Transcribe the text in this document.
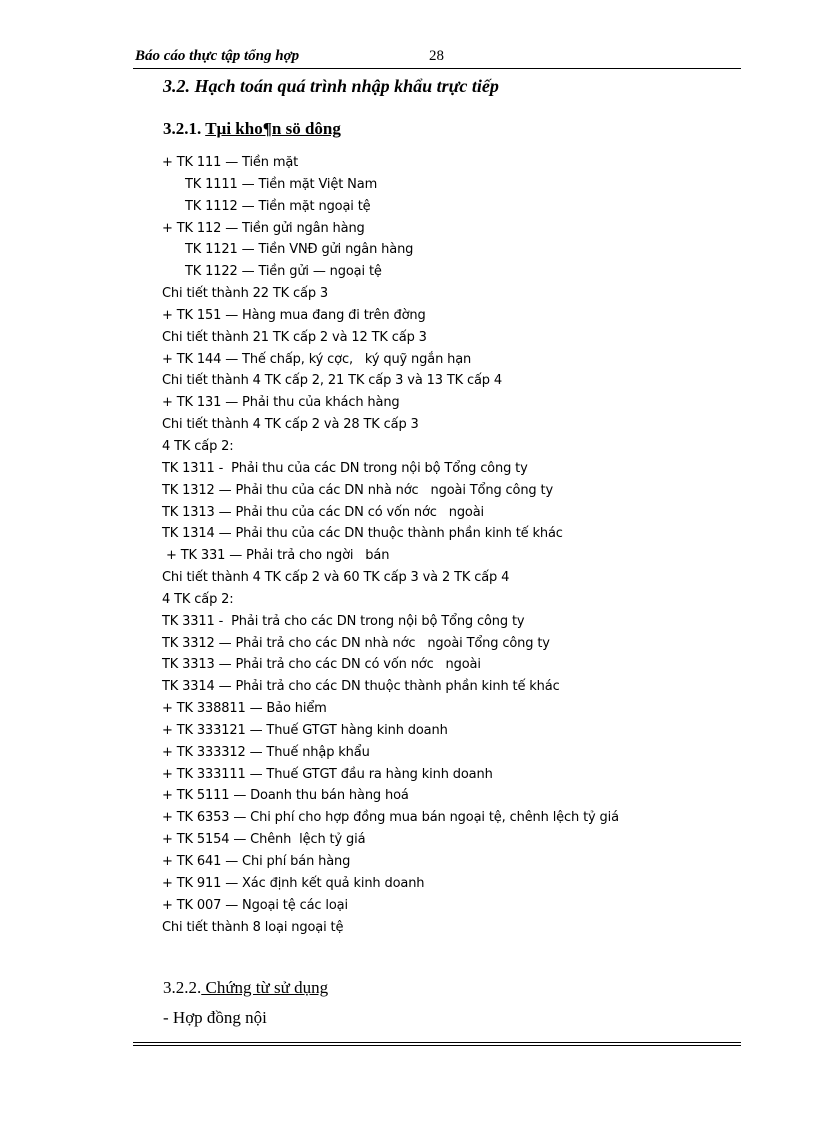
Báo cáo thực tập tổng hợp	28
3.2. Hạch toán quá trình nhập khẩu trực tiếp
3.2.1. Tµi kho¶n sö dông
+ TK 111 — Tiền mặt
TK 1111 — Tiền mặt Việt Nam
TK 1112 — Tiền mặt ngoại tệ
+ TK 112 — Tiền gửi ngân hàng
TK 1121 — Tiền VNĐ gửi ngân hàng
TK 1122 — Tiền gửi — ngoại tệ
Chi tiết thành 22 TK cấp 3
+ TK 151 — Hàng mua đang đi trên đờng
Chi tiết thành 21 TK cấp 2 và 12 TK cấp 3
+ TK 144 — Thế chấp, ký cợc,   ký quỹ ngắn hạn
Chi tiết thành 4 TK cấp 2, 21 TK cấp 3 và 13 TK cấp 4
+ TK 131 — Phải thu của khách hàng
Chi tiết thành 4 TK cấp 2 và 28 TK cấp 3
4 TK cấp 2:
TK 1311 -  Phải thu của các DN trong nội bộ Tổng công ty
TK 1312 — Phải thu của các DN nhà nớc   ngoài Tổng công ty
TK 1313 — Phải thu của các DN có vốn nớc   ngoài
TK 1314 — Phải thu của các DN thuộc thành phần kinh tế khác
+ TK 331 — Phải trả cho ngời   bán
Chi tiết thành 4 TK cấp 2 và 60 TK cấp 3 và 2 TK cấp 4
4 TK cấp 2:
TK 3311 -  Phải trả cho các DN trong nội bộ Tổng công ty
TK 3312 — Phải trả cho các DN nhà nớc   ngoài Tổng công ty
TK 3313 — Phải trả cho các DN có vốn nớc   ngoài
TK 3314 — Phải trả cho các DN thuộc thành phần kinh tế khác
+ TK 338811 — Bảo hiểm
+ TK 333121 — Thuế GTGT hàng kinh doanh
+ TK 333312 — Thuế nhập khẩu
+ TK 333111 — Thuế GTGT đầu ra hàng kinh doanh
+ TK 5111 — Doanh thu bán hàng hoá
+ TK 6353 — Chi phí cho hợp đồng mua bán ngoại tệ, chênh lệch tỷ giá
+ TK 5154 — Chênh  lệch tỷ giá
+ TK 641 — Chi phí bán hàng
+ TK 911 — Xác định kết quả kinh doanh
+ TK 007 — Ngoại tệ các loại
Chi tiết thành 8 loại ngoại tệ
3.2.2. Chứng từ sử dụng
- Hợp đồng nội
